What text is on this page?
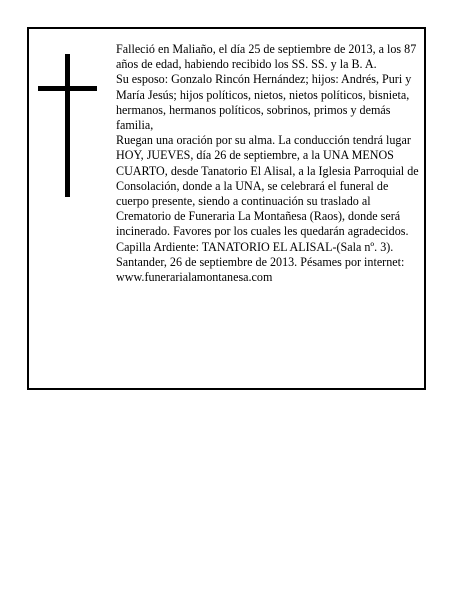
Falleció en Maliaño, el día 25 de septiembre de 2013, a los 87 años de edad, habiendo recibido los SS. SS. y la B. A.

Su esposo: Gonzalo Rincón Hernández; hijos: Andrés, Puri y María Jesús; hijos políticos, nietos, nietos políticos, bisnieta, hermanos, hermanos políticos, sobrinos, primos y demás familia,

Ruegan una oración por su alma. La conducción tendrá lugar HOY, JUEVES, día 26 de septiembre, a la UNA MENOS CUARTO, desde Tanatorio El Alisal, a la Iglesia Parroquial de Consolación, donde a la UNA, se celebrará el funeral de cuerpo presente, siendo a continuación su traslado al Crematorio de Funeraria La Montañesa (Raos), donde será incinerado. Favores por los cuales les quedarán agradecidos. Capilla Ardiente: TANATORIO EL ALISAL-(Sala nº. 3).

Santander, 26 de septiembre de 2013. Pésames por internet: www.funerarialamontanesa.com
